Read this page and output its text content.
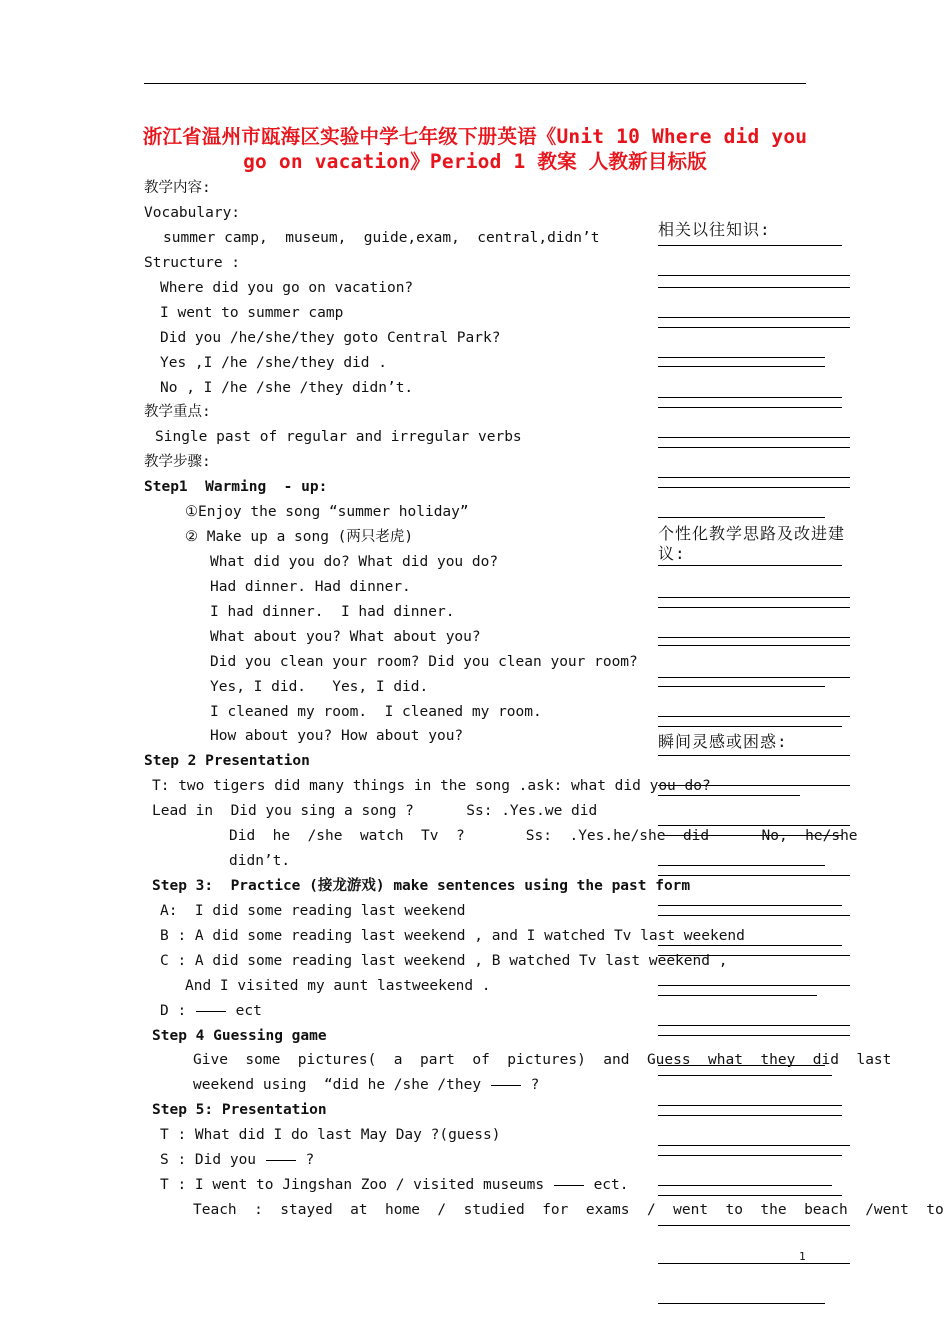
浙江省温州市瓯海区实验中学七年级下册英语《Unit 10 Where did you go on vacation》Period 1 教案 人教新目标版
相关以往知识:
个性化教学思路及改进建议:
瞬间灵感或困惑:
教学内容:
Vocabulary:
summer camp,  museum,  guide,exam,  central,didn’t
Structure :
Where did you go on vacation?
I went to summer camp
Did you /he/she/they goto Central Park?
Yes ,I /he /she/they did .
No , I /he /she /they didn’t.
教学重点:
Single past of regular and irregular verbs
教学步骤:
Step1  Warming  - up:
①Enjoy the song “summer holiday”
② Make up a song (两只老虎)
What did you do? What did you do?
Had dinner. Had dinner.
I had dinner.  I had dinner.
What about you? What about you?
Did you clean your room? Did you clean your room?
Yes, I did.   Yes, I did.
I cleaned my room.  I cleaned my room.
How about you? How about you?
Step 2 Presentation
T: two tigers did many things in the song .ask: what did you do?
Lead in  Did you sing a song ?      Ss: .Yes.we did
Did  he  /she  watch  Tv  ?       Ss:  .Yes.he/she  did      No,  he/she
didn’t.
Step 3:  Practice (接龙游戏) make sentences using the past form
A:  I did some reading last weekend
B : A did some reading last weekend , and I watched Tv last weekend
C : A did some reading last weekend , B watched Tv last weekend ,
And I visited my aunt lastweekend .
D :	ect
Step 4 Guessing game
Give  some  pictures(  a  part  of  pictures)  and  Guess  what  they  did  last
weekend using  “did he /she /they	?
Step 5: Presentation
T : What did I do last May Day ?(guess)
S : Did you	?
T : I went to Jingshan Zoo / visited museums	ect.
Teach  :  stayed  at  home  /  studied  for  exams  /  went  to  the  beach  /went  to
1
